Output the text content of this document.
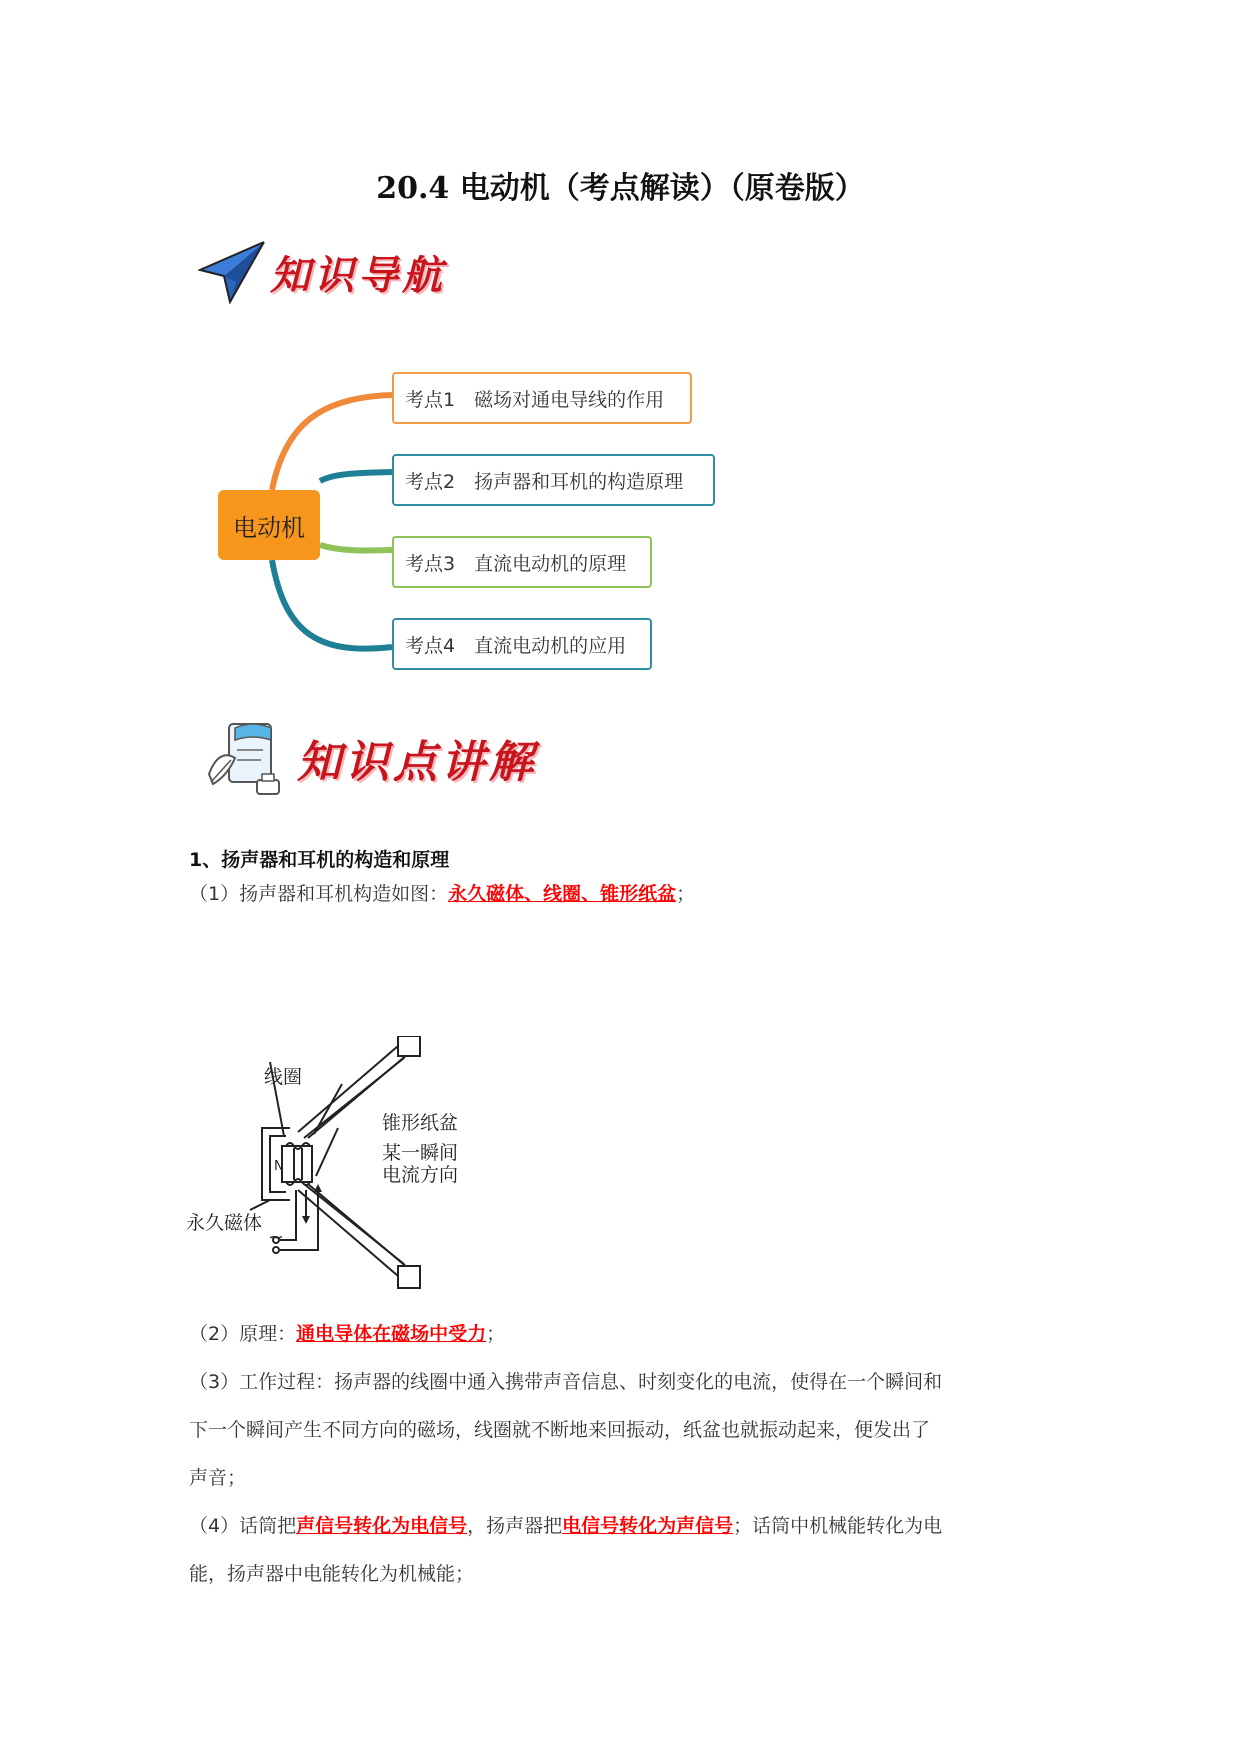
20.4 电动机（考点解读）（原卷版）
知识导航
电动机
考点1　磁场对通电导线的作用
考点2　扬声器和耳机的构造原理
考点3　直流电动机的原理
考点4　直流电动机的应用
知识点讲解
1、扬声器和耳机的构造和原理
（1）扬声器和耳机构造如图：永久磁体、线圈、锥形纸盆；
N
线圈
锥形纸盆
某一瞬间
电流方向
永久磁体
~
（2）原理：通电导体在磁场中受力；
（3）工作过程：扬声器的线圈中通入携带声音信息、时刻变化的电流，使得在一个瞬间和
下一个瞬间产生不同方向的磁场，线圈就不断地来回振动，纸盆也就振动起来，便发出了
声音；
（4）话筒把声信号转化为电信号，扬声器把电信号转化为声信号；话筒中机械能转化为电
能，扬声器中电能转化为机械能；
